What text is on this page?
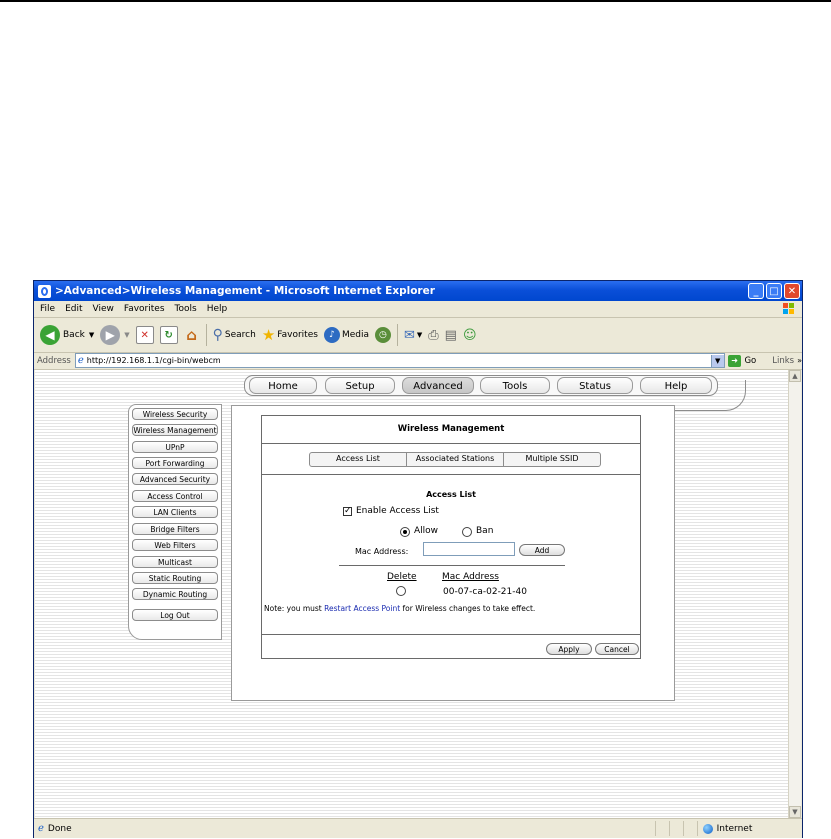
>Advanced>Wireless Management - Microsoft Internet Explorer	_	□ ✕
File Edit View Favorites Tools Help
◀ Back ▼ ▶	▼	✕	↻ ⌂ ⚲ Search ★ Favorites	♪ Media	◷	✉ ▼ ⎙ ▤ ☺
Address ℯ http://192.168.1.1/cgi-bin/webcm	▼	➜ Go Links »
Home	Setup	Advanced	Tools	Status	Help
Wireless Security
Wireless Management
UPnP
Port Forwarding
Advanced Security
Access Control
LAN Clients
Bridge Filters
Web Filters
Multicast
Static Routing
Dynamic Routing
Log Out
Wireless Management
Access List	Associated Stations	Multiple SSID
Access List
✓ Enable Access List
Allow	Ban
Mac Address:	Add
Delete	Mac Address
00-07-ca-02-21-40
Note: you must Restart Access Point for Wireless changes to take effect.
Apply	Cancel
▲
▼
ℯ Done	Internet
